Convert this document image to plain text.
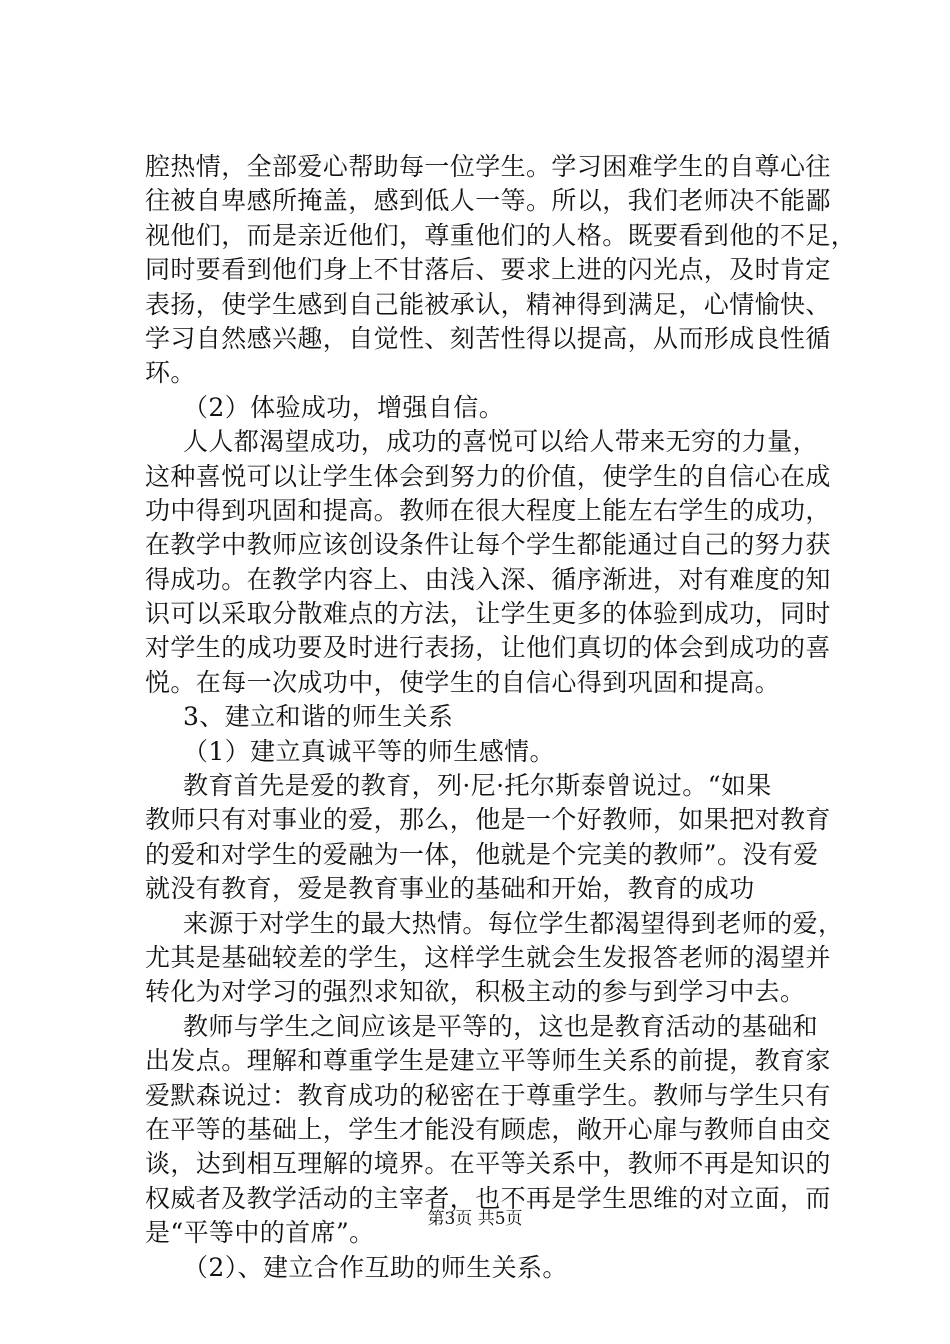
腔热情，全部爱心帮助每一位学生。学习困难学生的自尊心往
往被自卑感所掩盖，感到低人一等。所以，我们老师决不能鄙
视他们，而是亲近他们，尊重他们的人格。既要看到他的不足，
同时要看到他们身上不甘落后、要求上进的闪光点，及时肯定
表扬，使学生感到自己能被承认，精神得到满足，心情愉快、
学习自然感兴趣，自觉性、刻苦性得以提高，从而形成良性循
环。
（2）体验成功，增强自信。
人人都渴望成功，成功的喜悦可以给人带来无穷的力量，
这种喜悦可以让学生体会到努力的价值，使学生的自信心在成
功中得到巩固和提高。教师在很大程度上能左右学生的成功，
在教学中教师应该创设条件让每个学生都能通过自己的努力获
得成功。在教学内容上、由浅入深、循序渐进，对有难度的知
识可以采取分散难点的方法，让学生更多的体验到成功，同时
对学生的成功要及时进行表扬，让他们真切的体会到成功的喜
悦。在每一次成功中，使学生的自信心得到巩固和提高。
3、建立和谐的师生关系
（1）建立真诚平等的师生感情。
教育首先是爱的教育，列·尼·托尔斯泰曾说过。“如果
教师只有对事业的爱，那么，他是一个好教师，如果把对教育
的爱和对学生的爱融为一体，他就是个完美的教师”。没有爱
就没有教育，爱是教育事业的基础和开始，教育的成功
来源于对学生的最大热情。每位学生都渴望得到老师的爱，
尤其是基础较差的学生，这样学生就会生发报答老师的渴望并
转化为对学习的强烈求知欲，积极主动的参与到学习中去。
教师与学生之间应该是平等的，这也是教育活动的基础和
出发点。理解和尊重学生是建立平等师生关系的前提，教育家
爱默森说过：教育成功的秘密在于尊重学生。教师与学生只有
在平等的基础上，学生才能没有顾虑，敞开心扉与教师自由交
谈，达到相互理解的境界。在平等关系中，教师不再是知识的
权威者及教学活动的主宰者，也不再是学生思维的对立面，而
是“平等中的首席”。
（2）、建立合作互助的师生关系。
第3页 共5页
